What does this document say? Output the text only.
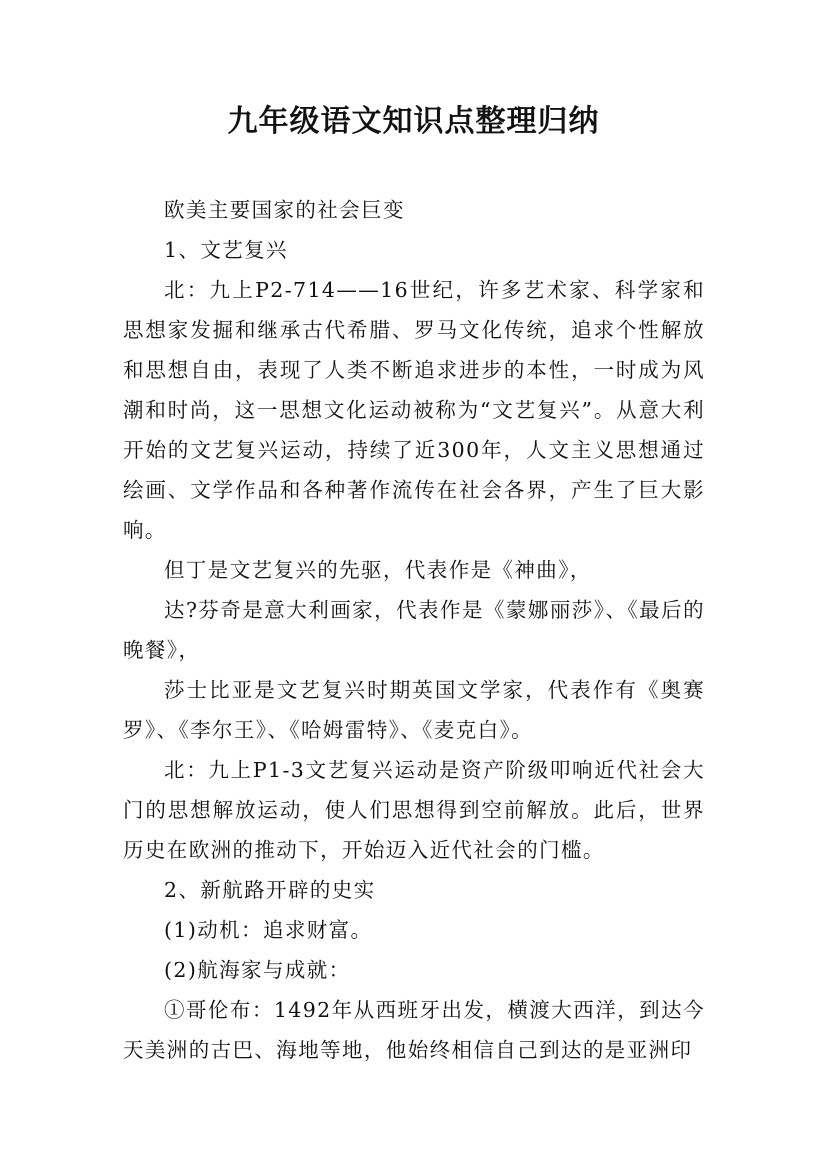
九年级语文知识点整理归纳

欧美主要国家的社会巨变

1、文艺复兴

北：九上P2-714——16世纪，许多艺术家、科学家和思想家发掘和继承古代希腊、罗马文化传统，追求个性解放和思想自由，表现了人类不断追求进步的本性，一时成为风潮和时尚，这一思想文化运动被称为“文艺复兴”。从意大利开始的文艺复兴运动，持续了近300年，人文主义思想通过绘画、文学作品和各种著作流传在社会各界，产生了巨大影响。

但丁是文艺复兴的先驱，代表作是《神曲》，

达?芬奇是意大利画家，代表作是《蒙娜丽莎》、《最后的晚餐》，

莎士比亚是文艺复兴时期英国文学家，代表作有《奥赛罗》、《李尔王》、《哈姆雷特》、《麦克白》。

北：九上P1-3文艺复兴运动是资产阶级叩响近代社会大门的思想解放运动，使人们思想得到空前解放。此后，世界历史在欧洲的推动下，开始迈入近代社会的门槛。

2、新航路开辟的史实

(1)动机：追求财富。

(2)航海家与成就：

①哥伦布：1492年从西班牙出发，横渡大西洋，到达今天美洲的古巴、海地等地，他始终相信自己到达的是亚洲印
